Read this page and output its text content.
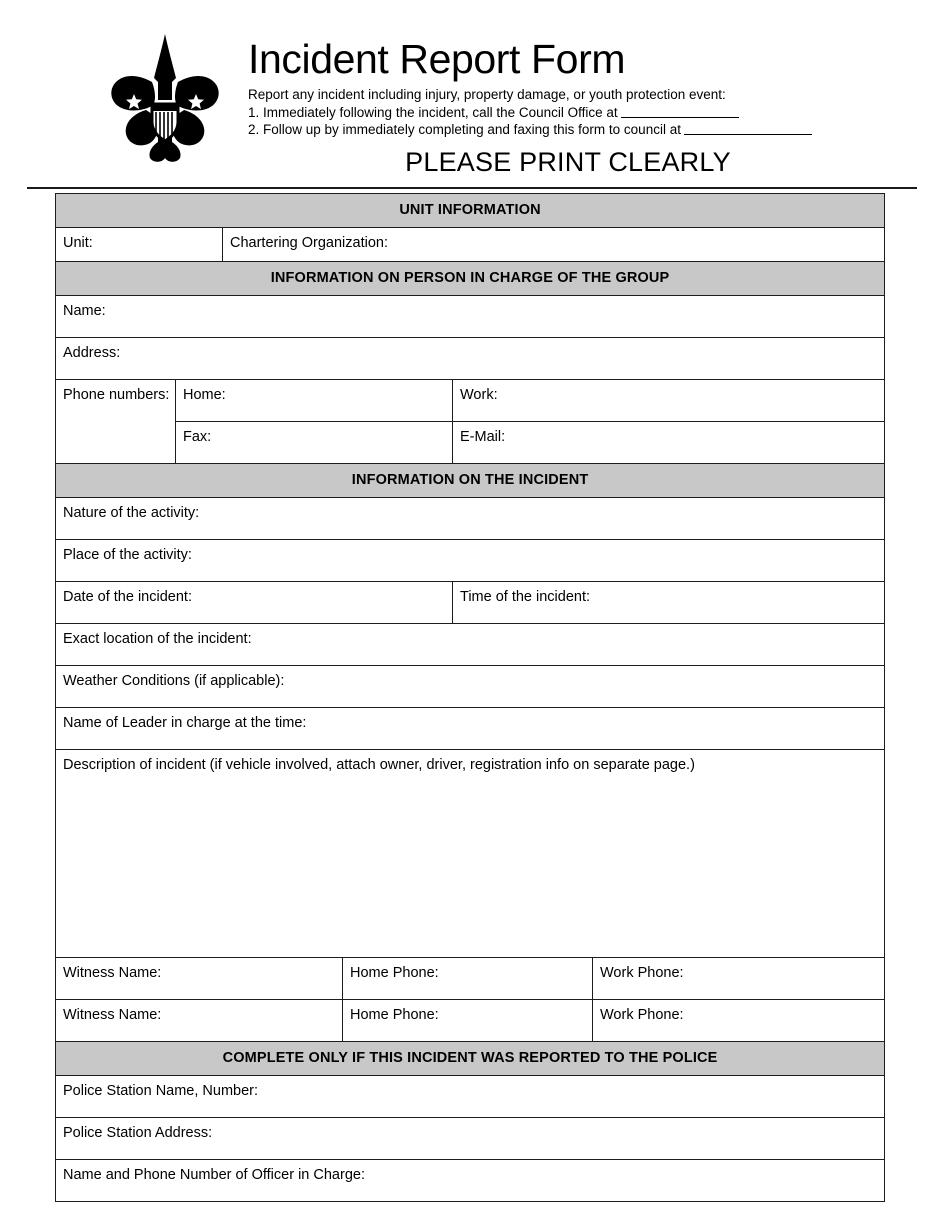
Incident Report Form
Report any incident including injury, property damage, or youth protection event:
1. Immediately following the incident, call the Council Office at
2. Follow up by immediately completing and faxing this form to council at
PLEASE PRINT CLEARLY
UNIT INFORMATION					
Unit:		Chartering Organization:			
INFORMATION ON PERSON IN CHARGE OF THE GROUP					
Name:					
Address:					
Phone numbers:	Home:			Work:	
	Fax:			E-Mail:	
INFORMATION ON THE INCIDENT					
Nature of the activity:					
Place of the activity:					
Date of the incident:				Time of the incident:	
Exact location of the incident:					
Weather Conditions (if applicable):					
Name of Leader in charge at the time:					
Description of incident (if vehicle involved, attach owner, driver, registration info on separate page.)					
Witness Name:			Home Phone:		Work Phone:
Witness Name:			Home Phone:		Work Phone:
COMPLETE ONLY IF THIS INCIDENT WAS REPORTED TO THE POLICE					
Police Station Name, Number:					
Police Station Address:					
Name and Phone Number of Officer in Charge:					
